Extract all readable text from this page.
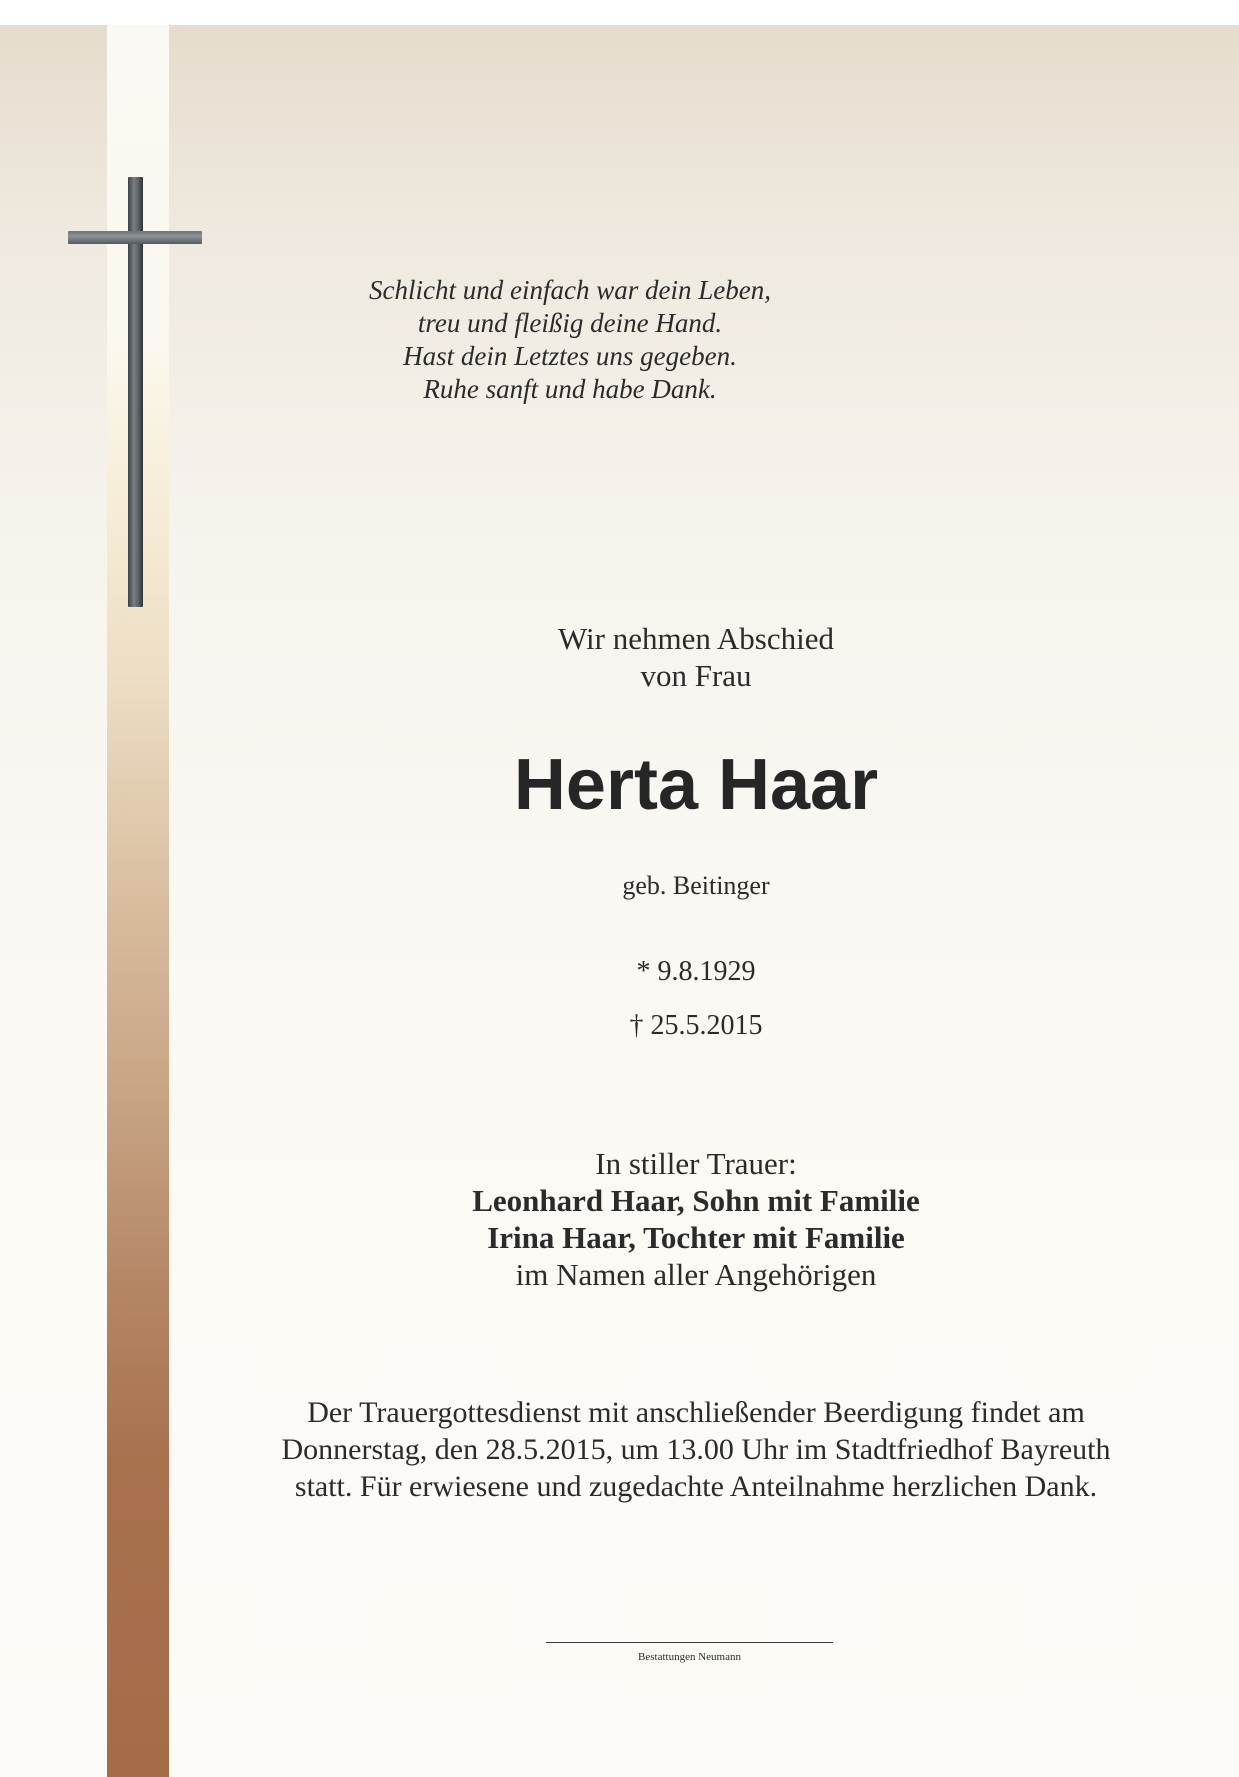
Schlicht und einfach war dein Leben,
treu und fleißig deine Hand.
Hast dein Letztes uns gegeben.
Ruhe sanft und habe Dank.
Wir nehmen Abschied
von Frau
Herta Haar
geb. Beitinger
* 9.8.1929
† 25.5.2015
In stiller Trauer:
Leonhard Haar, Sohn mit Familie
Irina Haar, Tochter mit Familie
im Namen aller Angehörigen
Der Trauergottesdienst mit anschließender Beerdigung findet am
Donnerstag, den 28.5.2015, um 13.00 Uhr im Stadtfriedhof Bayreuth
statt. Für erwiesene und zugedachte Anteilnahme herzlichen Dank.
Bestattungen Neumann
